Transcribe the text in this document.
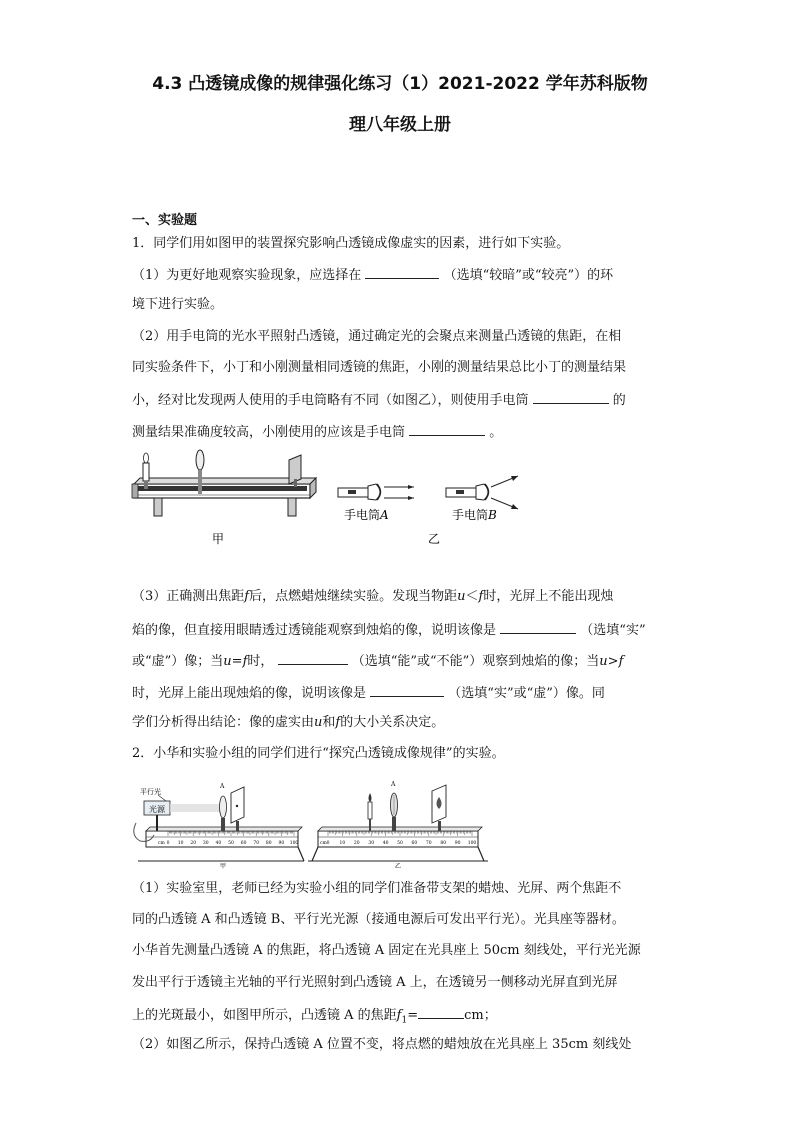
4.3 凸透镜成像的规律强化练习（1）2021-2022 学年苏科版物
理八年级上册
一、实验题
1．同学们用如图甲的装置探究影响凸透镜成像虚实的因素，进行如下实验。
（1）为更好地观察实验现象，应选择在	（选填“较暗”或“较亮”）的环
境下进行实验。
（2）用手电筒的光水平照射凸透镜，通过确定光的会聚点来测量凸透镜的焦距，在相
同实验条件下，小丁和小刚测量相同透镜的焦距，小刚的测量结果总比小丁的测量结果
小，经对比发现两人使用的手电筒略有不同（如图乙），则使用手电筒	的
测量结果准确度较高，小刚使用的应该是手电筒	。
甲
手电筒A	手电筒B
乙
（3）正确测出焦距f后，点燃蜡烛继续实验。发现当物距u＜f时，光屏上不能出现烛
焰的像，但直接用眼睛透过透镜能观察到烛焰的像，说明该像是	（选填“实”
或“虚”）像；当u=f时，	（选填“能”或“不能”）观察到烛焰的像；当u>f
时，光屏上能出现烛焰的像，说明该像是	（选填“实”或“虚”）像。同
学们分析得出结论：像的虚实由u和f的大小关系决定。
2．小华和实验小组的同学们进行“探究凸透镜成像规律”的实验。
0 10 20 30 40 50 60 70 80 90 100
cm
光源
平行光
A
甲
0 10 20 30 40 50 60 70 80 90 100
cm
A
乙
（1）实验室里，老师已经为实验小组的同学们准备带支架的蜡烛、光屏、两个焦距不
同的凸透镜 A 和凸透镜 B、平行光光源（接通电源后可发出平行光）。光具座等器材。
小华首先测量凸透镜 A 的焦距，将凸透镜 A 固定在光具座上 50cm 刻线处，平行光光源
发出平行于透镜主光轴的平行光照射到凸透镜 A 上，在透镜另一侧移动光屏直到光屏
上的光斑最小，如图甲所示，凸透镜 A 的焦距$f_1=$	cm；
（2）如图乙所示，保持凸透镜 A 位置不变，将点燃的蜡烛放在光具座上 35cm 刻线处
